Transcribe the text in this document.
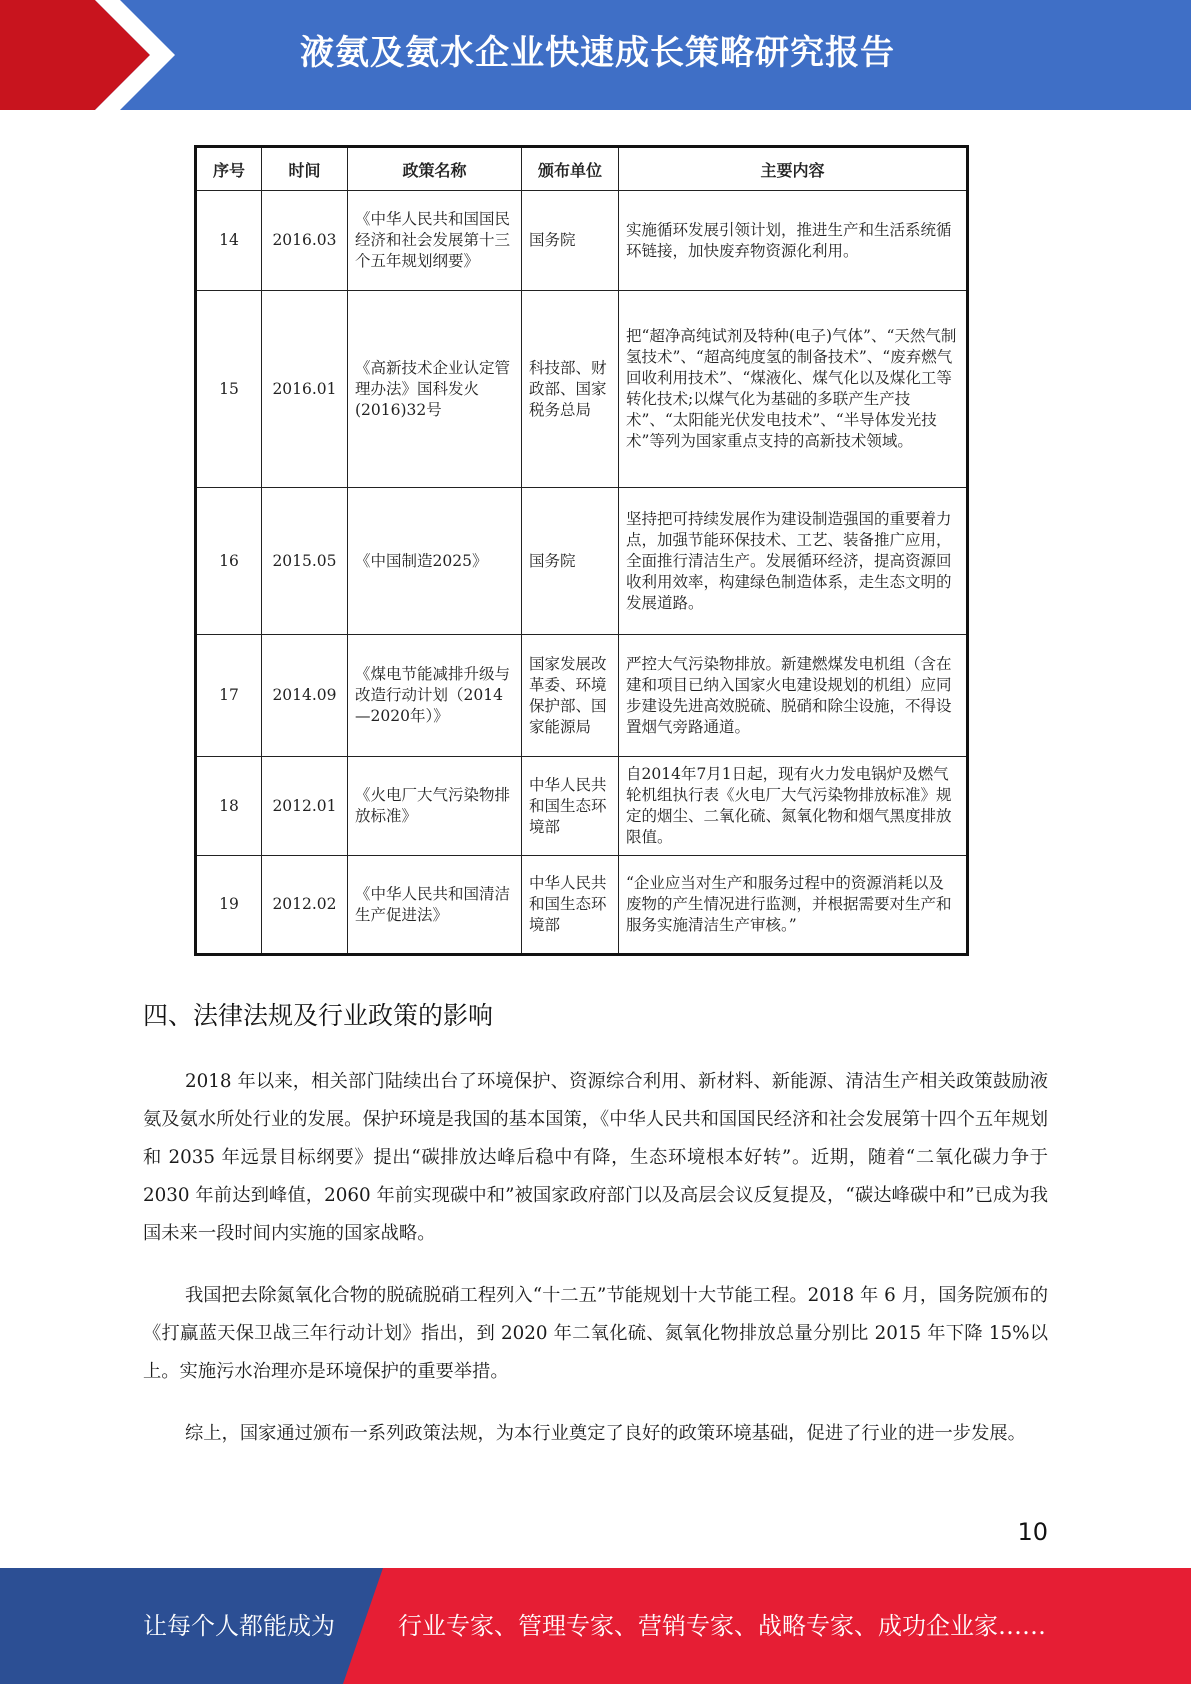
液氨及氨水企业快速成长策略研究报告
序号	时间	政策名称	颁布单位	主要内容
14	2016.03	《中华人民共和国国民经济和社会发展第十三个五年规划纲要》	国务院	实施循环发展引领计划，推进生产和生活系统循环链接，加快废弃物资源化利用。
15	2016.01	《高新技术企业认定管理办法》国科发火(2016)32号	科技部、财政部、国家税务总局	把“超净高纯试剂及特种(电子)气体”、“天然气制氢技术”、“超高纯度氢的制备技术”、“废弃燃气回收利用技术”、“煤液化、煤气化以及煤化工等转化技术;以煤气化为基础的多联产生产技术”、“太阳能光伏发电技术”、“半导体发光技术”等列为国家重点支持的高新技术领域。
16	2015.05	《中国制造2025》	国务院	坚持把可持续发展作为建设制造强国的重要着力点，加强节能环保技术、工艺、装备推广应用，全面推行清洁生产。发展循环经济，提高资源回收利用效率，构建绿色制造体系，走生态文明的发展道路。
17	2014.09	《煤电节能减排升级与改造行动计划（2014—2020年）》	国家发展改革委、环境保护部、国家能源局	严控大气污染物排放。新建燃煤发电机组（含在建和项目已纳入国家火电建设规划的机组）应同步建设先进高效脱硫、脱硝和除尘设施，不得设置烟气旁路通道。
18	2012.01	《火电厂大气污染物排放标准》	中华人民共和国生态环境部	自2014年7月1日起，现有火力发电锅炉及燃气轮机组执行表《火电厂大气污染物排放标准》规定的烟尘、二氧化硫、氮氧化物和烟气黑度排放限值。
19	2012.02	《中华人民共和国清洁生产促进法》	中华人民共和国生态环境部	“企业应当对生产和服务过程中的资源消耗以及废物的产生情况进行监测，并根据需要对生产和服务实施清洁生产审核。”
四、法律法规及行业政策的影响

2018 年以来，相关部门陆续出台了环境保护、资源综合利用、新材料、新能源、清洁生产相关政策鼓励液氨及氨水所处行业的发展。保护环境是我国的基本国策，《中华人民共和国国民经济和社会发展第十四个五年规划和 2035 年远景目标纲要》提出“碳排放达峰后稳中有降，生态环境根本好转”。近期，随着“二氧化碳力争于 2030 年前达到峰值，2060 年前实现碳中和”被国家政府部门以及高层会议反复提及，“碳达峰碳中和”已成为我国未来一段时间内实施的国家战略。

我国把去除氮氧化合物的脱硫脱硝工程列入“十二五”节能规划十大节能工程。2018 年 6 月，国务院颁布的《打赢蓝天保卫战三年行动计划》指出，到 2020 年二氧化硫、氮氧化物排放总量分别比 2015 年下降 15%以上。实施污水治理亦是环境保护的重要举措。

综上，国家通过颁布一系列政策法规，为本行业奠定了良好的政策环境基础，促进了行业的进一步发展。

10
让每个人都能成为	行业专家、管理专家、营销专家、战略专家、成功企业家……
